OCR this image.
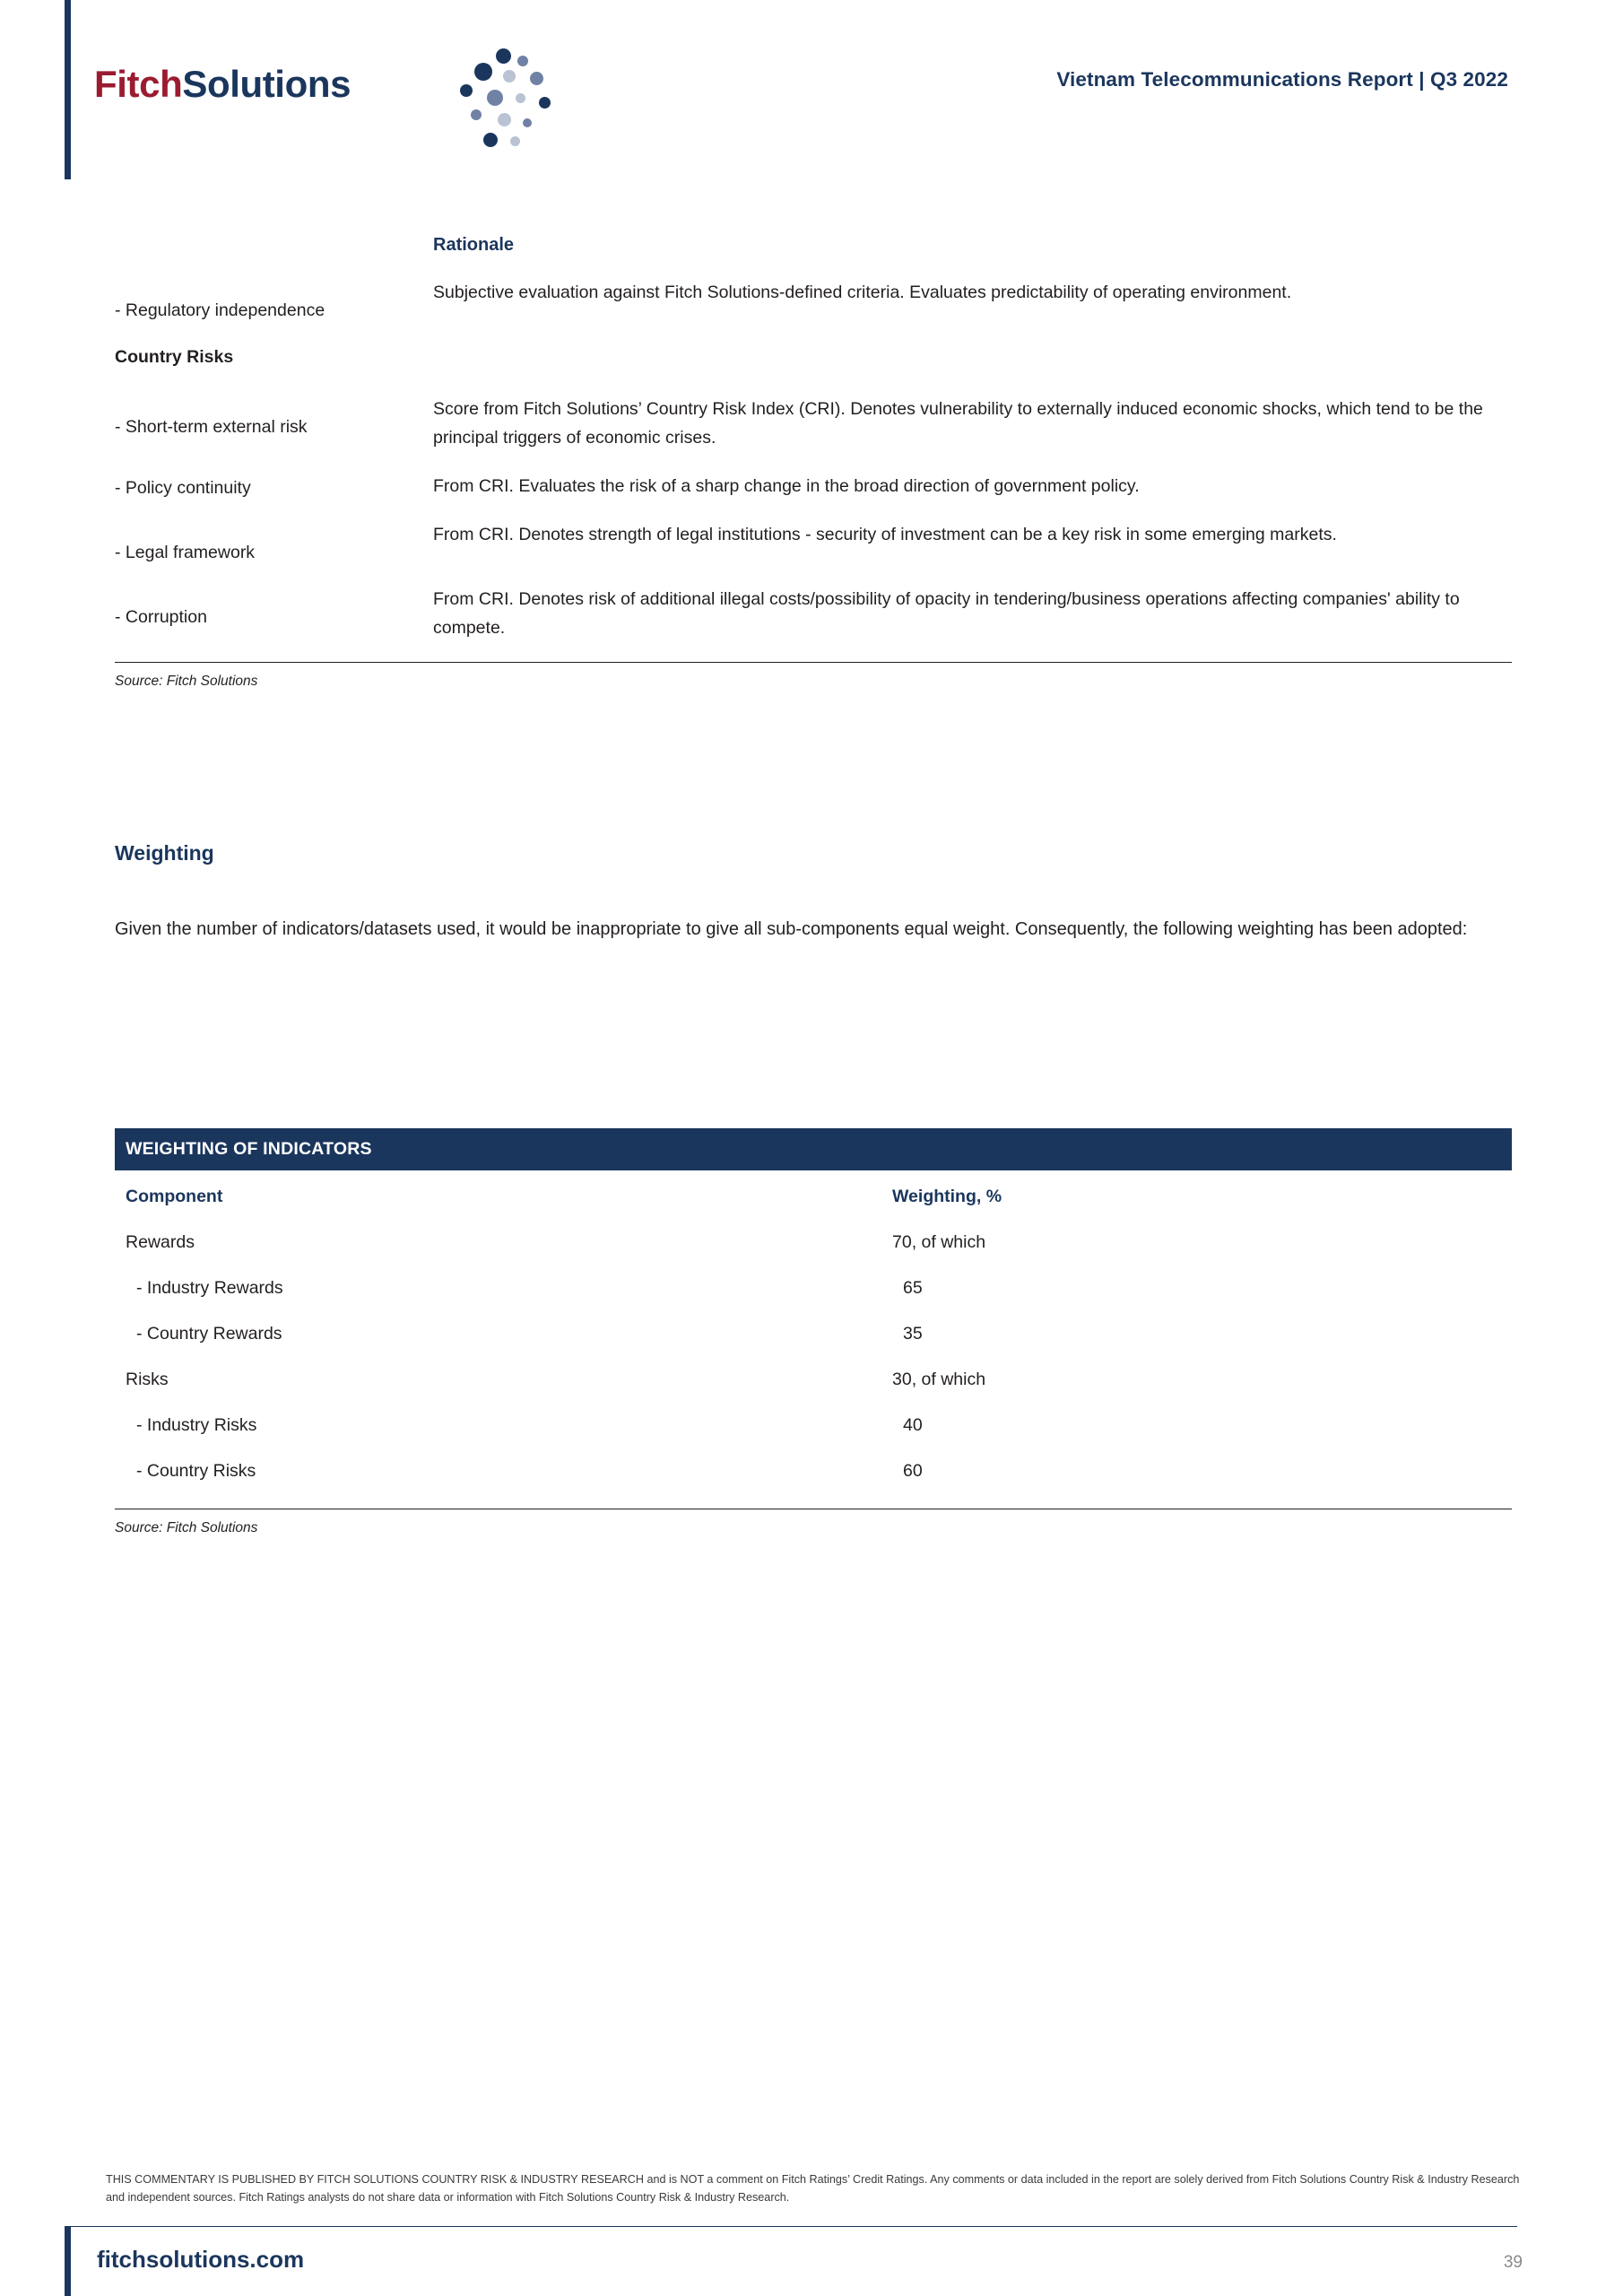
FitchSolutions	Vietnam Telecommunications Report | Q3 2022
Rationale
- Regulatory independence
Subjective evaluation against Fitch Solutions-defined criteria. Evaluates predictability of operating environment.
Country Risks
- Short-term external risk
Score from Fitch Solutions’ Country Risk Index (CRI). Denotes vulnerability to externally induced economic shocks, which tend to be the principal triggers of economic crises.
- Policy continuity	From CRI. Evaluates the risk of a sharp change in the broad direction of government policy.
- Legal framework
From CRI. Denotes strength of legal institutions - security of investment can be a key risk in some emerging markets.
- Corruption
From CRI. Denotes risk of additional illegal costs/possibility of opacity in tendering/business operations affecting companies' ability to compete.
Source: Fitch Solutions
Weighting
Given the number of indicators/datasets used, it would be inappropriate to give all sub-components equal weight. Consequently, the following weighting has been adopted:
WEIGHTING OF INDICATORS
Component	Weighting, %
Rewards	70, of which
- Industry Rewards	65
- Country Rewards	35
Risks	30, of which
- Industry Risks	40
- Country Risks	60
Source: Fitch Solutions
THIS COMMENTARY IS PUBLISHED BY FITCH SOLUTIONS COUNTRY RISK & INDUSTRY RESEARCH and is NOT a comment on Fitch Ratings’ Credit Ratings. Any comments or data included in the report are solely derived from Fitch Solutions Country Risk & Industry Research and independent sources. Fitch Ratings analysts do not share data or information with Fitch Solutions Country Risk & Industry Research.
fitchsolutions.com	39
